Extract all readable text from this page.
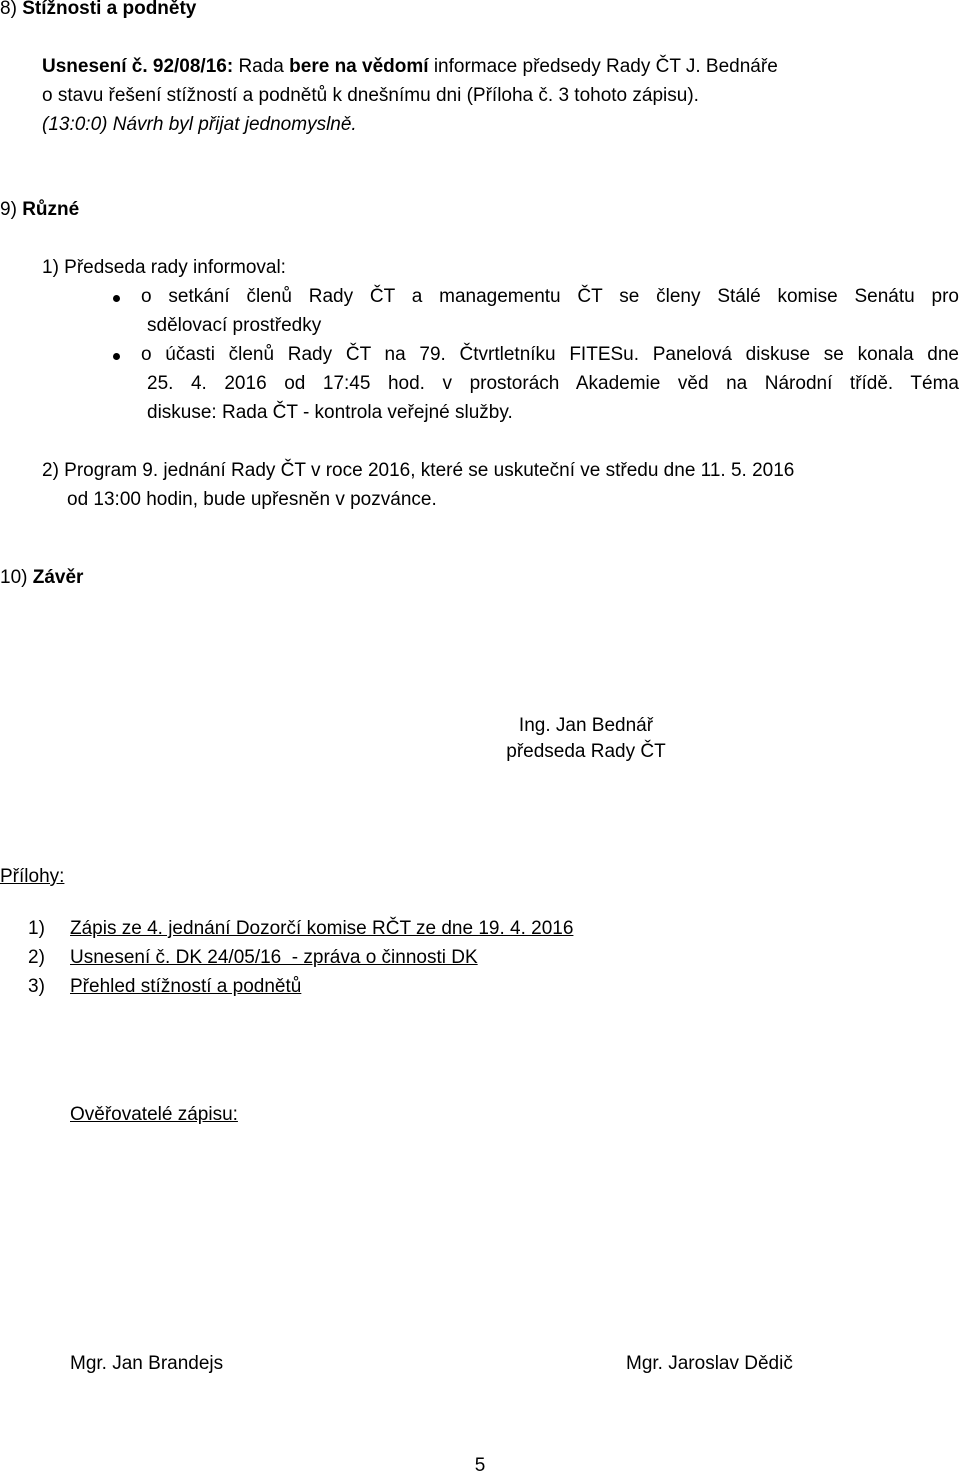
8) Stížnosti a podněty
Usnesení č. 92/08/16: Rada bere na vědomí informace předsedy Rady ČT J. Bednáře
o stavu řešení stížností a podnětů k dnešnímu dni (Příloha č. 3 tohoto zápisu).
(13:0:0) Návrh byl přijat jednomyslně.
9) Různé
1) Předseda rady informoval:
o setkání členů Rady ČT a managementu ČT se členy Stálé komise Senátu pro
sdělovací prostředky
o účasti členů Rady ČT na 79. Čtvrtletníku FITESu. Panelová diskuse se konala dne
25. 4. 2016 od 17:45 hod. v prostorách Akademie věd na Národní třídě. Téma
diskuse: Rada ČT - kontrola veřejné služby.
2) Program 9. jednání Rady ČT v roce 2016, které se uskuteční ve středu dne 11. 5. 2016
od 13:00 hodin, bude upřesněn v pozvánce.
10) Závěr
Ing. Jan Bednář
předseda Rady ČT
Přílohy:
1) Zápis ze 4. jednání Dozorčí komise RČT ze dne 19. 4. 2016
2) Usnesení č. DK 24/05/16  - zpráva o činnosti DK
3) Přehled stížností a podnětů
Ověřovatelé zápisu:
Mgr. Jan Brandejs	Mgr. Jaroslav Dědič
5
